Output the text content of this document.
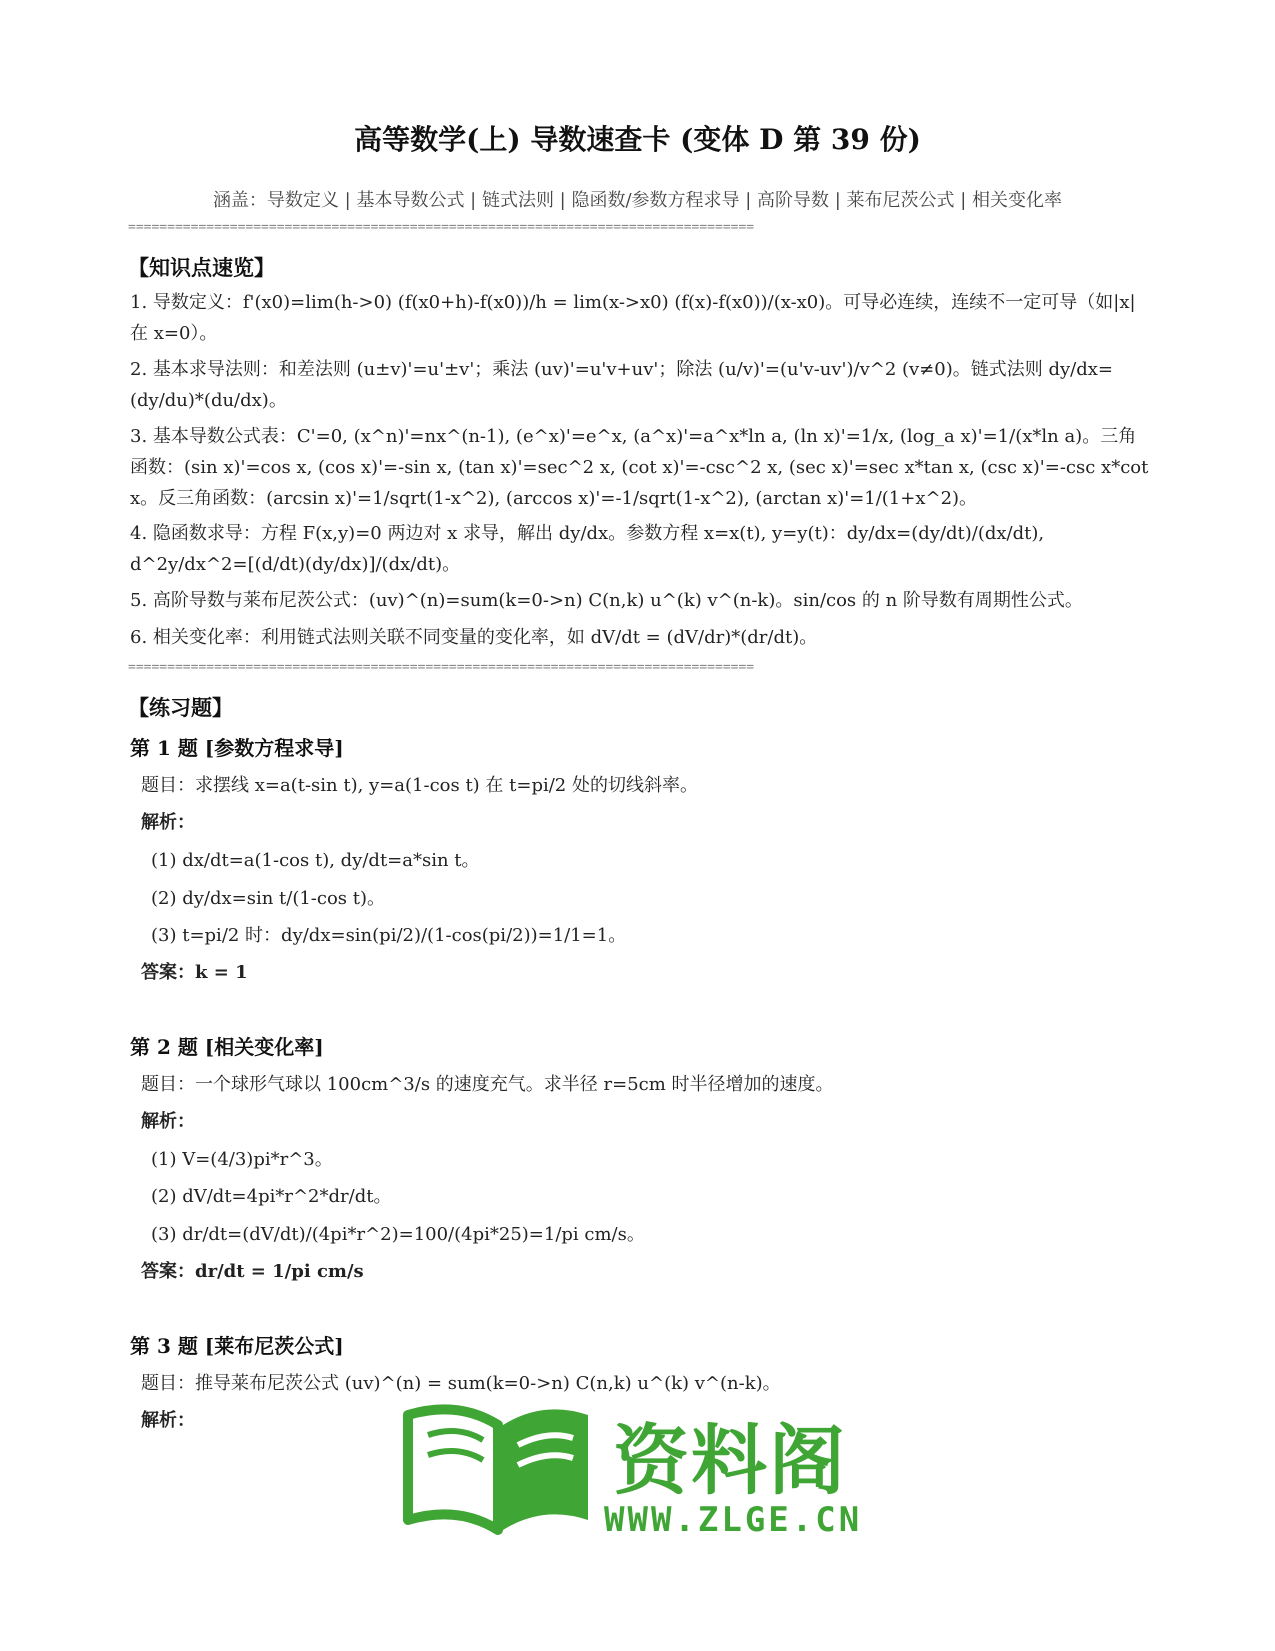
高等数学(上) 导数速查卡 (变体 D 第 39 份)
涵盖：导数定义 | 基本导数公式 | 链式法则 | 隐函数/参数方程求导 | 高阶导数 | 莱布尼茨公式 | 相关变化率
================================================================================
【知识点速览】
1. 导数定义：f'(x0)=lim(h->0) (f(x0+h)-f(x0))/h = lim(x->x0) (f(x)-f(x0))/(x-x0)。可导必连续，连续不一定可导（如|x|在 x=0）。
2. 基本求导法则：和差法则 (u±v)'=u'±v'；乘法 (uv)'=u'v+uv'；除法 (u/v)'=(u'v-uv')/v^2 (v≠0)。链式法则 dy/dx=(dy/du)*(du/dx)。
3. 基本导数公式表：C'=0, (x^n)'=nx^(n-1), (e^x)'=e^x, (a^x)'=a^x*ln a, (ln x)'=1/x, (log_a x)'=1/(x*ln a)。三角函数：(sin x)'=cos x, (cos x)'=-sin x, (tan x)'=sec^2 x, (cot x)'=-csc^2 x, (sec x)'=sec x*tan x, (csc x)'=-csc x*cot x。反三角函数：(arcsin x)'=1/sqrt(1-x^2), (arccos x)'=-1/sqrt(1-x^2), (arctan x)'=1/(1+x^2)。
4. 隐函数求导：方程 F(x,y)=0 两边对 x 求导，解出 dy/dx。参数方程 x=x(t), y=y(t)：dy/dx=(dy/dt)/(dx/dt), d^2y/dx^2=[(d/dt)(dy/dx)]/(dx/dt)。
5. 高阶导数与莱布尼茨公式：(uv)^(n)=sum(k=0->n) C(n,k) u^(k) v^(n-k)。sin/cos 的 n 阶导数有周期性公式。
6. 相关变化率：利用链式法则关联不同变量的变化率，如 dV/dt = (dV/dr)*(dr/dt)。
================================================================================
【练习题】
第 1 题 [参数方程求导]
题目：求摆线 x=a(t-sin t), y=a(1-cos t) 在 t=pi/2 处的切线斜率。
解析：
(1) dx/dt=a(1-cos t), dy/dt=a*sin t。
(2) dy/dx=sin t/(1-cos t)。
(3) t=pi/2 时：dy/dx=sin(pi/2)/(1-cos(pi/2))=1/1=1。
答案：k = 1
第 2 题 [相关变化率]
题目：一个球形气球以 100cm^3/s 的速度充气。求半径 r=5cm 时半径增加的速度。
解析：
(1) V=(4/3)pi*r^3。
(2) dV/dt=4pi*r^2*dr/dt。
(3) dr/dt=(dV/dt)/(4pi*r^2)=100/(4pi*25)=1/pi cm/s。
答案：dr/dt = 1/pi cm/s
第 3 题 [莱布尼茨公式]
题目：推导莱布尼茨公式 (uv)^(n) = sum(k=0->n) C(n,k) u^(k) v^(n-k)。
解析：	资料阁
WWW.ZLGE.CN
